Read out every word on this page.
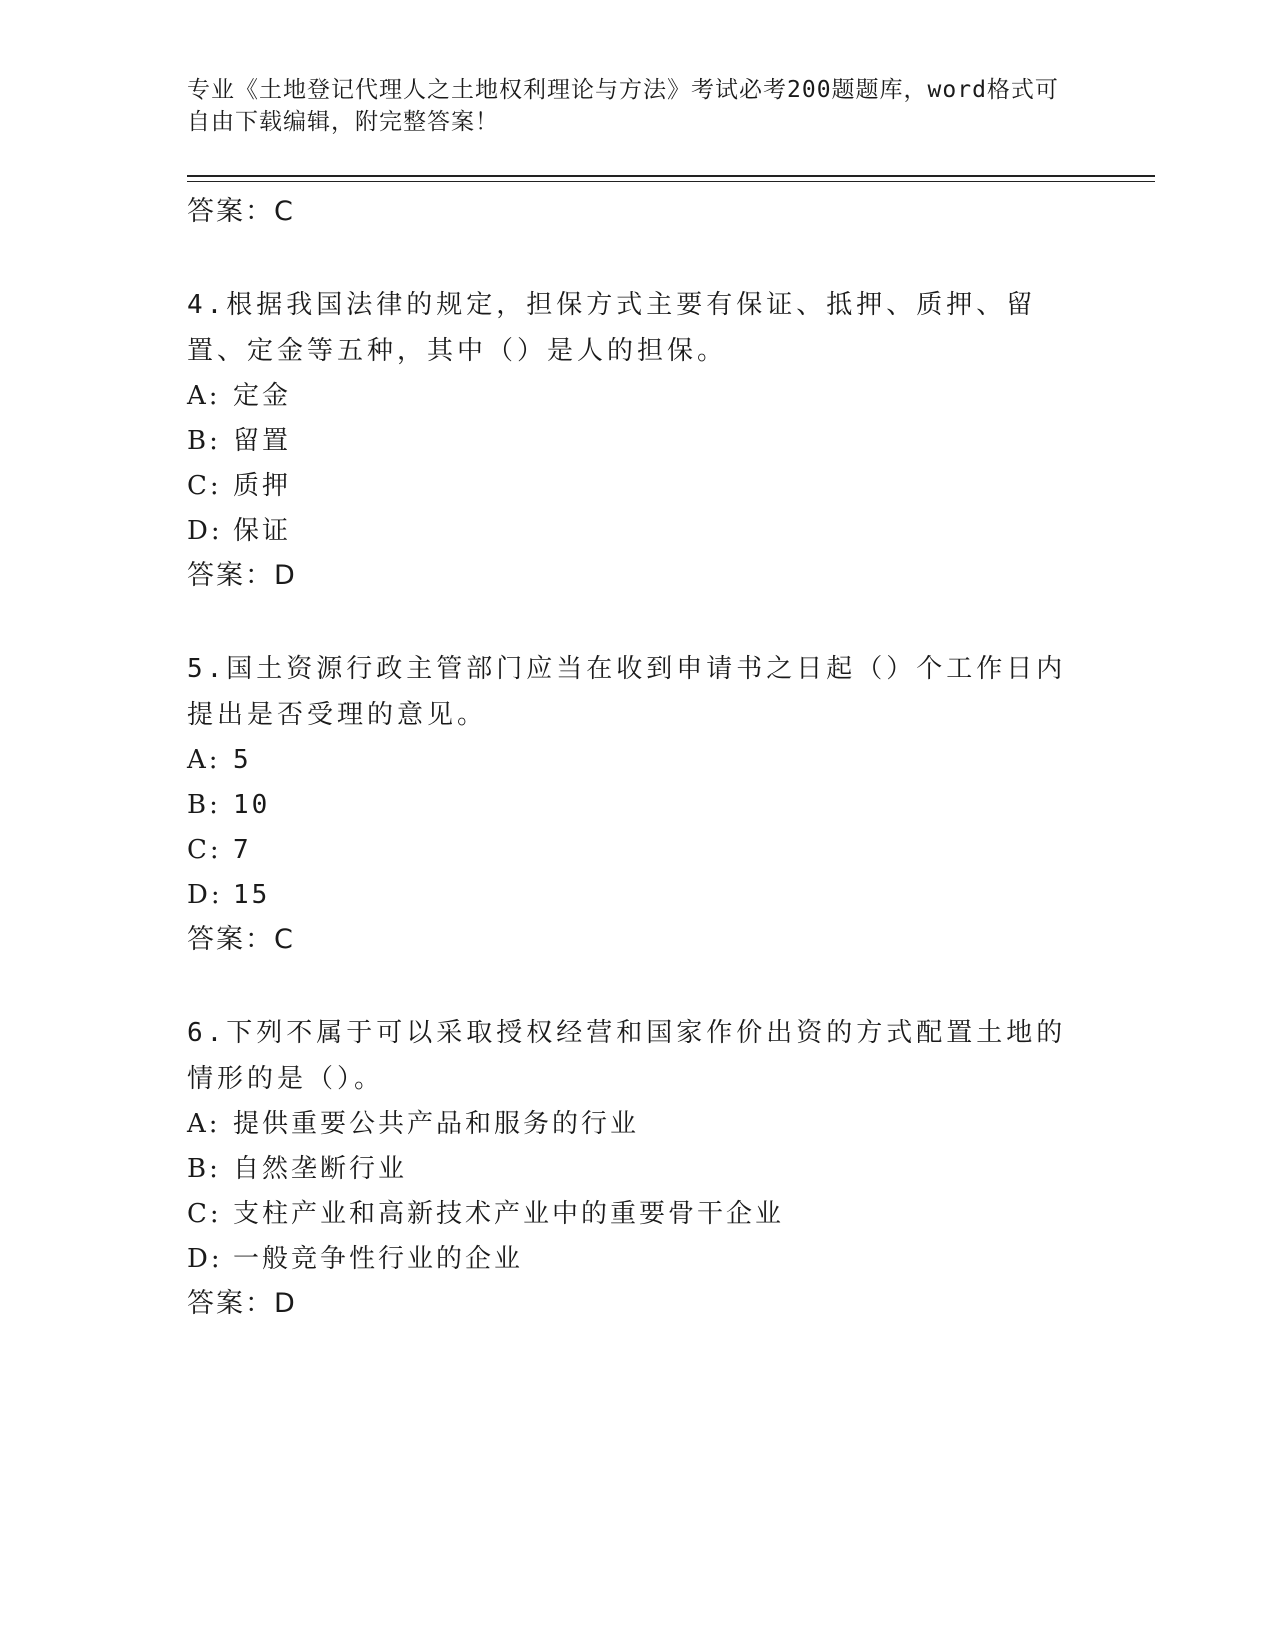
专业《土地登记代理人之土地权利理论与方法》考试必考200题题库，word格式可自由下载编辑，附完整答案！
答案：C
4.根据我国法律的规定，担保方式主要有保证、抵押、质押、留置、定金等五种，其中（）是人的担保。
A: 定金
B: 留置
C: 质押
D: 保证
答案：D
5.国土资源行政主管部门应当在收到申请书之日起（）个工作日内提出是否受理的意见。
A: 5
B: 10
C: 7
D: 15
答案：C
6.下列不属于可以采取授权经营和国家作价出资的方式配置土地的情形的是（）。
A: 提供重要公共产品和服务的行业
B: 自然垄断行业
C: 支柱产业和高新技术产业中的重要骨干企业
D: 一般竞争性行业的企业
答案：D
